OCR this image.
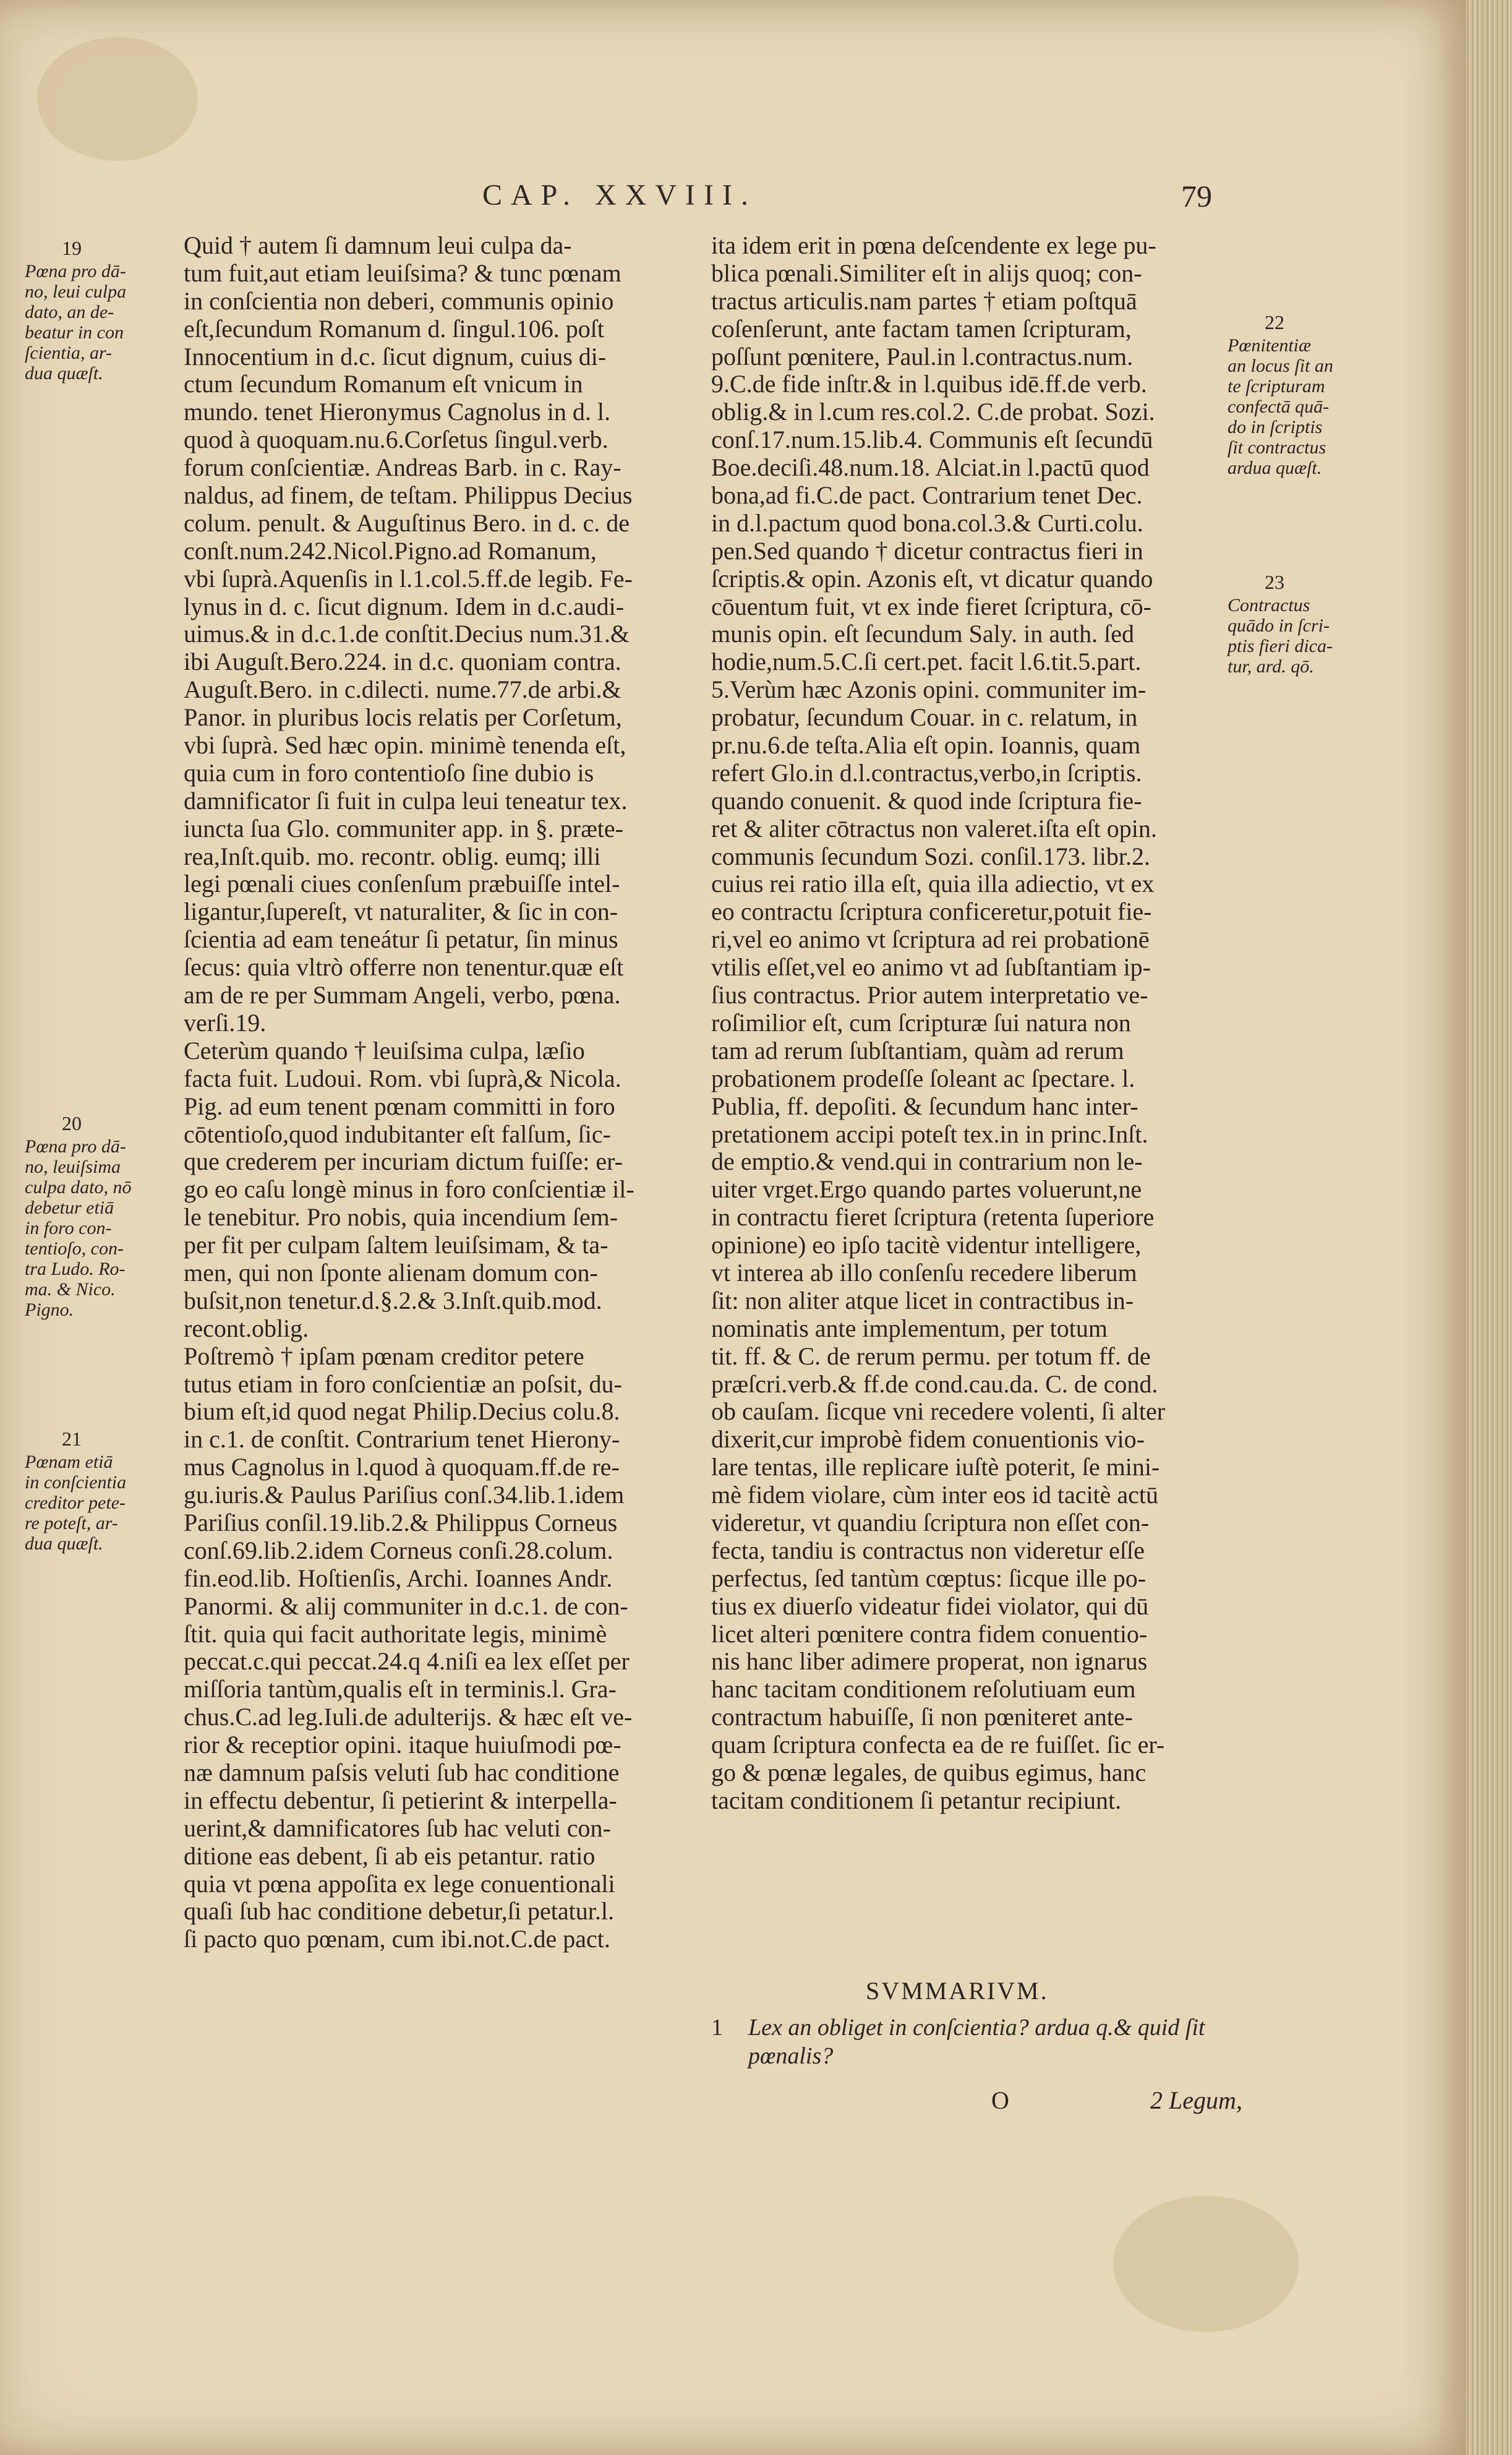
CAP. XXVIII.	79
Quid † autem ſi damnum leui culpa da-
tum fuit,aut etiam leuiſsima? & tunc pœnam
in conſcientia non deberi, communis opinio
eſt,ſecundum Romanum d. ſingul.106. poſt
Innocentium in d.c. ſicut dignum, cuius di-
ctum ſecundum Romanum eſt vnicum in
mundo. tenet Hieronymus Cagnolus in d. l.
quod à quoquam.nu.6.Corſetus ſingul.verb.
forum conſcientiæ. Andreas Barb. in c. Ray-
naldus, ad finem, de teſtam. Philippus Decius
colum. penult. & Auguſtinus Bero. in d. c. de
conſt.num.242.Nicol.Pigno.ad Romanum,
vbi ſuprà.Aquenſis in l.1.col.5.ff.de legib. Fe-
lynus in d. c. ſicut dignum. Idem in d.c.audi-
uimus.& in d.c.1.de conſtit.Decius num.31.&
ibi Auguſt.Bero.224. in d.c. quoniam contra.
Auguſt.Bero. in c.dilecti. nume.77.de arbi.&
Panor. in pluribus locis relatis per Corſetum,
vbi ſuprà. Sed hæc opin. minimè tenenda eſt,
quia cum in foro contentioſo ſine dubio is
damnificator ſi fuit in culpa leui teneatur tex.
iuncta ſua Glo. communiter app. in §. præte-
rea,Inſt.quib. mo. recontr. oblig. eumq; illi
legi pœnali ciues conſenſum præbuiſſe intel-
ligantur,ſupereſt, vt naturaliter, & ſic in con-
ſcientia ad eam teneátur ſi petatur, ſin minus
ſecus: quia vltrò offerre non tenentur.quæ eſt
am de re per Summam Angeli, verbo, pœna.
verſi.19.
Ceterùm quando † leuiſsima culpa, læſio
facta fuit. Ludoui. Rom. vbi ſuprà,& Nicola.
Pig. ad eum tenent pœnam committi in foro
cōtentioſo,quod indubitanter eſt falſum, ſic-
que crederem per incuriam dictum fuiſſe: er-
go eo caſu longè minus in foro conſcientiæ il-
le tenebitur. Pro nobis, quia incendium ſem-
per fit per culpam ſaltem leuiſsimam, & ta-
men, qui non ſponte alienam domum con-
buſsit,non tenetur.d.§.2.& 3.Inſt.quib.mod.
recont.oblig.
Poſtremò † ipſam pœnam creditor petere
tutus etiam in foro conſcientiæ an poſsit, du-
bium eſt,id quod negat Philip.Decius colu.8.
in c.1. de conſtit. Contrarium tenet Hierony-
mus Cagnolus in l.quod à quoquam.ff.de re-
gu.iuris.& Paulus Pariſius conſ.34.lib.1.idem
Pariſius conſil.19.lib.2.& Philippus Corneus
conſ.69.lib.2.idem Corneus conſi.28.colum.
fin.eod.lib. Hoſtienſis, Archi. Ioannes Andr.
Panormi. & alij communiter in d.c.1. de con-
ſtit. quia qui facit authoritate legis, minimè
peccat.c.qui peccat.24.q 4.niſi ea lex eſſet per
miſſoria tantùm,qualis eſt in terminis.l. Gra-
chus.C.ad leg.Iuli.de adulterijs. & hæc eſt ve-
rior & receptior opini. itaque huiuſmodi pœ-
næ damnum paſsis veluti ſub hac conditione
in effectu debentur, ſi petierint & interpella-
uerint,& damnificatores ſub hac veluti con-
ditione eas debent, ſi ab eis petantur. ratio
quia vt pœna appoſita ex lege conuentionali
quaſi ſub hac conditione debetur,ſi petatur.l.
ſi pacto quo pœnam, cum ibi.not.C.de pact.
ita idem erit in pœna deſcendente ex lege pu-
blica pœnali.Similiter eſt in alijs quoq; con-
tractus articulis.nam partes † etiam poſtquā
coſenſerunt, ante factam tamen ſcripturam,
poſſunt pœnitere, Paul.in l.contractus.num.
9.C.de fide inſtr.& in l.quibus idē.ff.de verb.
oblig.& in l.cum res.col.2. C.de probat. Sozi.
conſ.17.num.15.lib.4. Communis eſt ſecundū
Boe.deciſi.48.num.18. Alciat.in l.pactū quod
bona,ad fi.C.de pact. Contrarium tenet Dec.
in d.l.pactum quod bona.col.3.& Curti.colu.
pen.Sed quando † dicetur contractus fieri in
ſcriptis.& opin. Azonis eſt, vt dicatur quando
cōuentum fuit, vt ex inde fieret ſcriptura, cō-
munis opin. eſt ſecundum Saly. in auth. ſed
hodie,num.5.C.ſi cert.pet. facit l.6.tit.5.part.
5.Verùm hæc Azonis opini. communiter im-
probatur, ſecundum Couar. in c. relatum, in
pr.nu.6.de teſta.Alia eſt opin. Ioannis, quam
refert Glo.in d.l.contractus,verbo,in ſcriptis.
quando conuenit. & quod inde ſcriptura fie-
ret & aliter cōtractus non valeret.iſta eſt opin.
communis ſecundum Sozi. conſil.173. libr.2.
cuius rei ratio illa eſt, quia illa adiectio, vt ex
eo contractu ſcriptura conficeretur,potuit fie-
ri,vel eo animo vt ſcriptura ad rei probationē
vtilis eſſet,vel eo animo vt ad ſubſtantiam ip-
ſius contractus. Prior autem interpretatio ve-
roſimilior eſt, cum ſcripturæ ſui natura non
tam ad rerum ſubſtantiam, quàm ad rerum
probationem prodeſſe ſoleant ac ſpectare. l.
Publia, ff. depoſiti. & ſecundum hanc inter-
pretationem accipi poteſt tex.in in princ.Inſt.
de emptio.& vend.qui in contrarium non le-
uiter vrget.Ergo quando partes voluerunt,ne
in contractu fieret ſcriptura (retenta ſuperiore
opinione) eo ipſo tacitè videntur intelligere,
vt interea ab illo conſenſu recedere liberum
ſit: non aliter atque licet in contractibus in-
nominatis ante implementum, per totum
tit. ff. & C. de rerum permu. per totum ff. de
præſcri.verb.& ff.de cond.cau.da. C. de cond.
ob cauſam. ſicque vni recedere volenti, ſi alter
dixerit,cur improbè fidem conuentionis vio-
lare tentas, ille replicare iuſtè poterit, ſe mini-
mè fidem violare, cùm inter eos id tacitè actū
videretur, vt quandiu ſcriptura non eſſet con-
fecta, tandiu is contractus non videretur eſſe
perfectus, ſed tantùm cœptus: ſicque ille po-
tius ex diuerſo videatur fidei violator, qui dū
licet alteri pœnitere contra fidem conuentio-
nis hanc liber adimere properat, non ignarus
hanc tacitam conditionem reſolutiuam eum
contractum habuiſſe, ſi non pœniteret ante-
quam ſcriptura confecta ea de re fuiſſet. ſic er-
go & pœnæ legales, de quibus egimus, hanc
tacitam conditionem ſi petantur recipiunt.
19
Pœna pro dā-
no, leui culpa
dato, an de-
beatur in con
ſcientia, ar-
dua quæſt.
20
Pœna pro dā-
no, leuiſsima
culpa dato, nō
debetur etiā
in foro con-
tentioſo, con-
tra Ludo. Ro-
ma. & Nico.
Pigno.
21
Pœnam etiā
in conſcientia
creditor pete-
re poteſt, ar-
dua quæſt.
22
Pœnitentiæ
an locus ſit an
te ſcripturam
confectā quā-
do in ſcriptis
ſit contractus
ardua quæſt.
23
Contractus
quādo in ſcri-
ptis fieri dica-
tur, ard. qō.
SVMMARIVM.
1 Lex an obliget in conſcientia? ardua q.& quid ſit pœnalis?
O	2 Legum,
